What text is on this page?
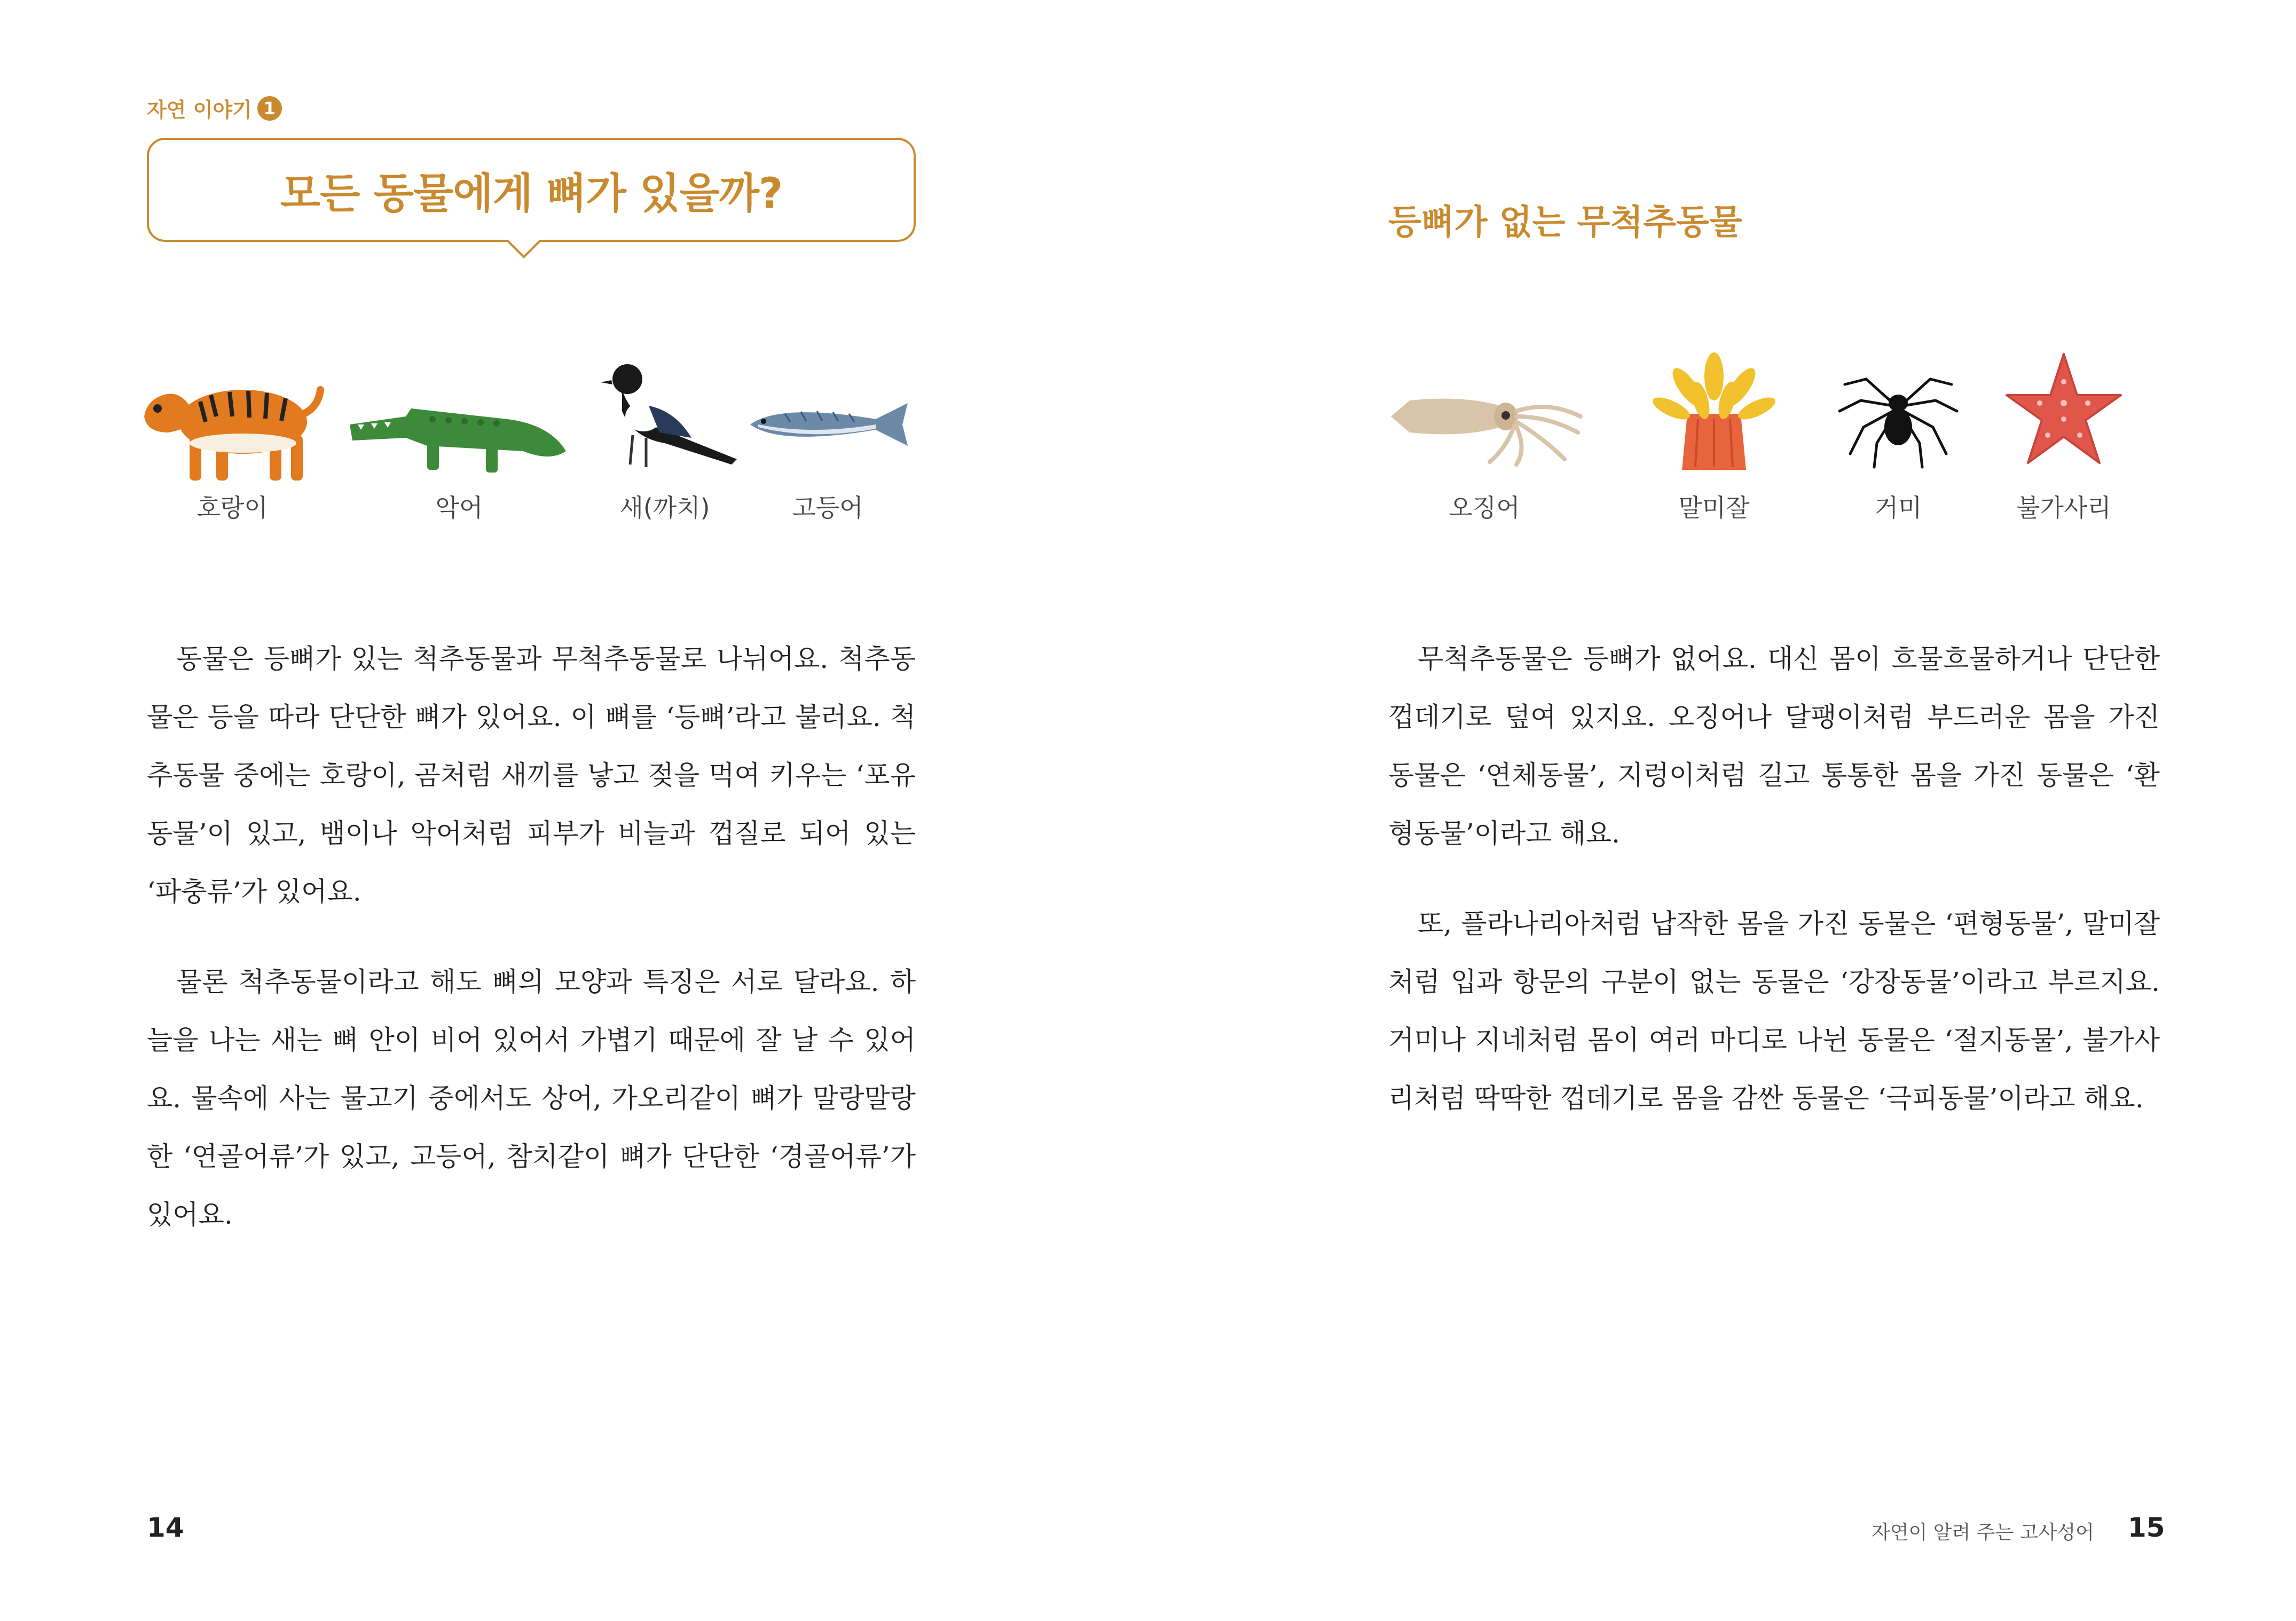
자연 이야기 1
모든 동물에게 뼈가 있을까?
호랑이	악어	새(까치)	고등어

동물은 등뼈가 있는 척추동물과 무척추동물로 나뉘어요. 척추동물은 등을 따라 단단한 뼈가 있어요. 이 뼈를 ‘등뼈’라고 불러요. 척추동물 중에는 호랑이, 곰처럼 새끼를 낳고 젖을 먹여 키우는 ‘포유동물’이 있고, 뱀이나 악어처럼 피부가 비늘과 껍질로 되어 있는 ‘파충류’가 있어요.

물론 척추동물이라고 해도 뼈의 모양과 특징은 서로 달라요. 하늘을 나는 새는 뼈 안이 비어 있어서 가볍기 때문에 잘 날 수 있어요. 물속에 사는 물고기 중에서도 상어, 가오리같이 뼈가 말랑말랑한 ‘연골어류’가 있고, 고등어, 참치같이 뼈가 단단한 ‘경골어류’가 있어요.

14
등뼈가 없는 무척추동물
오징어	말미잘	거미	불가사리

무척추동물은 등뼈가 없어요. 대신 몸이 흐물흐물하거나 단단한 껍데기로 덮여 있지요. 오징어나 달팽이처럼 부드러운 몸을 가진 동물은 ‘연체동물’, 지렁이처럼 길고 통통한 몸을 가진 동물은 ‘환형동물’이라고 해요.

또, 플라나리아처럼 납작한 몸을 가진 동물은 ‘편형동물’, 말미잘처럼 입과 항문의 구분이 없는 동물은 ‘강장동물’이라고 부르지요. 거미나 지네처럼 몸이 여러 마디로 나뉜 동물은 ‘절지동물’, 불가사리처럼 딱딱한 껍데기로 몸을 감싼 동물은 ‘극피동물’이라고 해요.

자연이 알려 주는 고사성어 15
